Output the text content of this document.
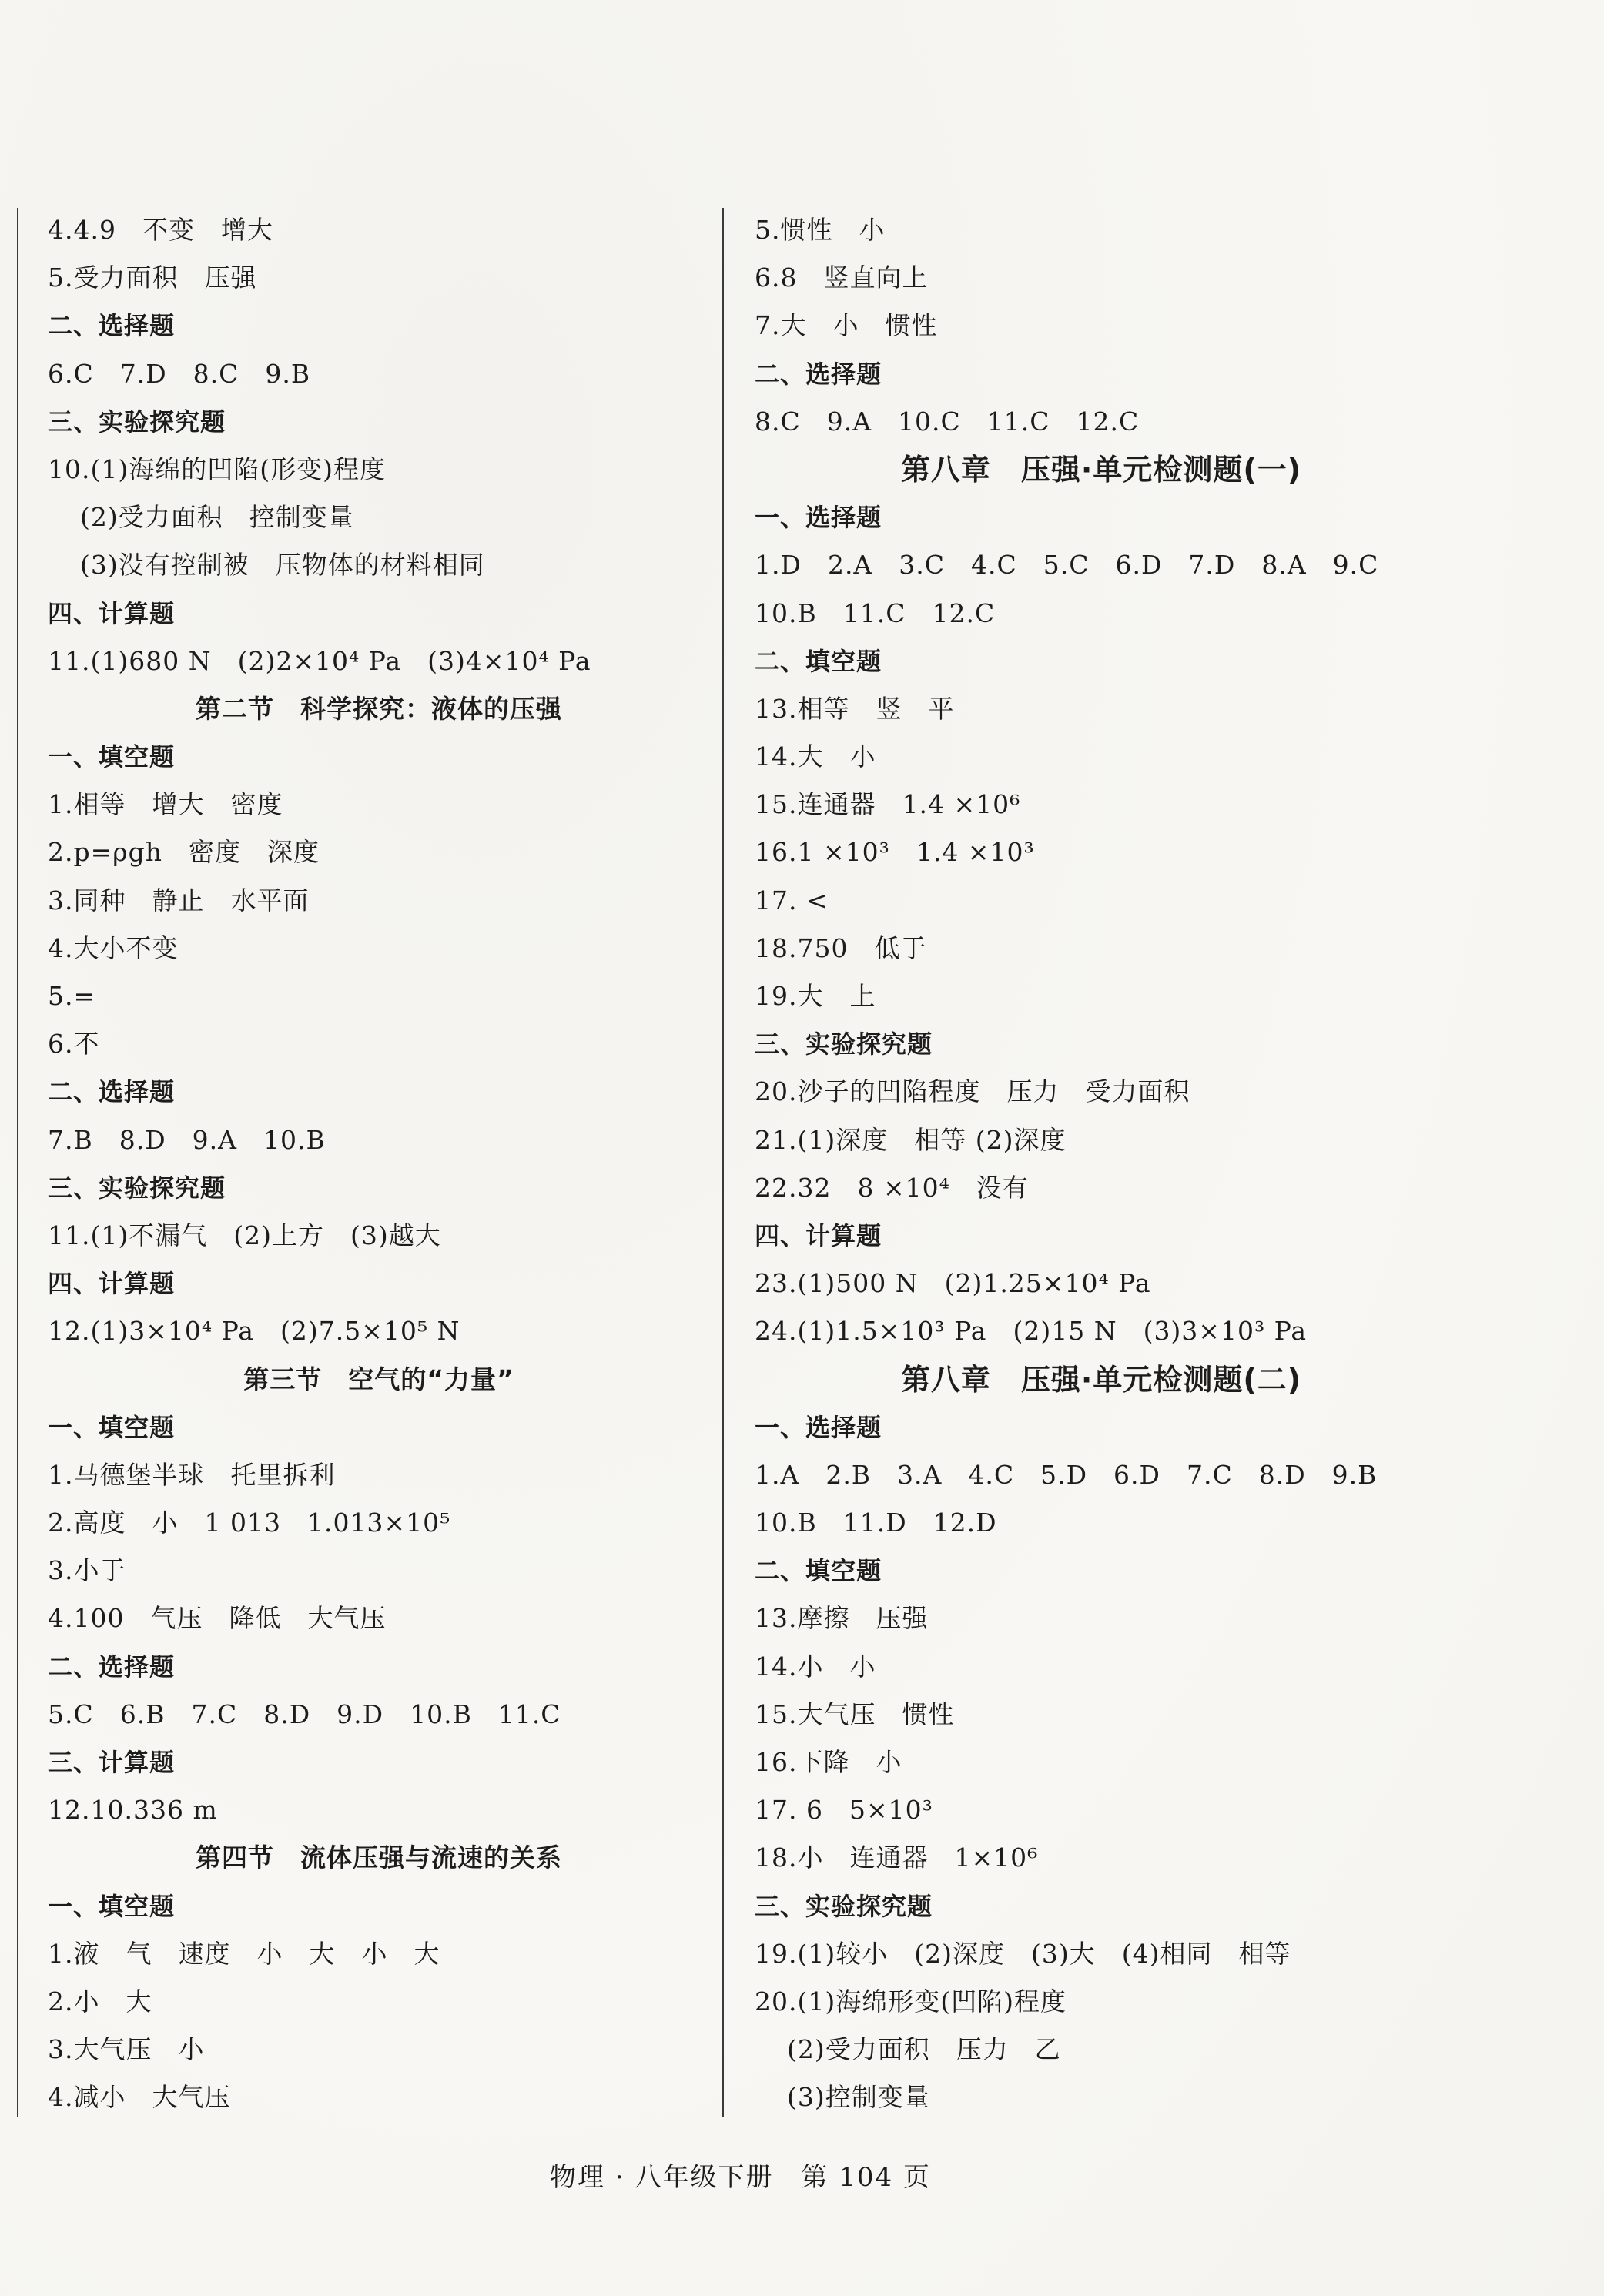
4.4.9　不变　增大
5.受力面积　压强
二、选择题
6.C　7.D　8.C　9.B
三、实验探究题
10.(1)海绵的凹陷(形变)程度
(2)受力面积　控制变量
(3)没有控制被　压物体的材料相同
四、计算题
11.(1)680 N　(2)2×10⁴ Pa　(3)4×10⁴ Pa
第二节　科学探究：液体的压强
一、填空题
1.相等　增大　密度
2.p=ρgh　密度　深度
3.同种　静止　水平面
4.大小不变
5.=
6.不
二、选择题
7.B　8.D　9.A　10.B
三、实验探究题
11.(1)不漏气　(2)上方　(3)越大
四、计算题
12.(1)3×10⁴ Pa　(2)7.5×10⁵ N
第三节　空气的“力量”
一、填空题
1.马德堡半球　托里拆利
2.高度　小　1 013　1.013×10⁵
3.小于
4.100　气压　降低　大气压
二、选择题
5.C　6.B　7.C　8.D　9.D　10.B　11.C
三、计算题
12.10.336 m
第四节　流体压强与流速的关系
一、填空题
1.液　气　速度　小　大　小　大
2.小　大
3.大气压　小
4.减小　大气压
5.惯性　小
6.8　竖直向上
7.大　小　惯性
二、选择题
8.C　9.A　10.C　11.C　12.C
第八章　压强·单元检测题(一)
一、选择题
1.D　2.A　3.C　4.C　5.C　6.D　7.D　8.A　9.C
10.B　11.C　12.C
二、填空题
13.相等　竖　平
14.大　小
15.连通器　1.4 ×10⁶
16.1 ×10³　1.4 ×10³
17. <
18.750　低于
19.大　上
三、实验探究题
20.沙子的凹陷程度　压力　受力面积
21.(1)深度　相等 (2)深度
22.32　8 ×10⁴　没有
四、计算题
23.(1)500 N　(2)1.25×10⁴ Pa
24.(1)1.5×10³ Pa　(2)15 N　(3)3×10³ Pa
第八章　压强·单元检测题(二)
一、选择题
1.A　2.B　3.A　4.C　5.D　6.D　7.C　8.D　9.B
10.B　11.D　12.D
二、填空题
13.摩擦　压强
14.小　小
15.大气压　惯性
16.下降　小
17. 6　5×10³
18.小　连通器　1×10⁶
三、实验探究题
19.(1)较小　(2)深度　(3)大　(4)相同　相等
20.(1)海绵形变(凹陷)程度
(2)受力面积　压力　乙
(3)控制变量
物理 · 八年级下册　第 104 页
